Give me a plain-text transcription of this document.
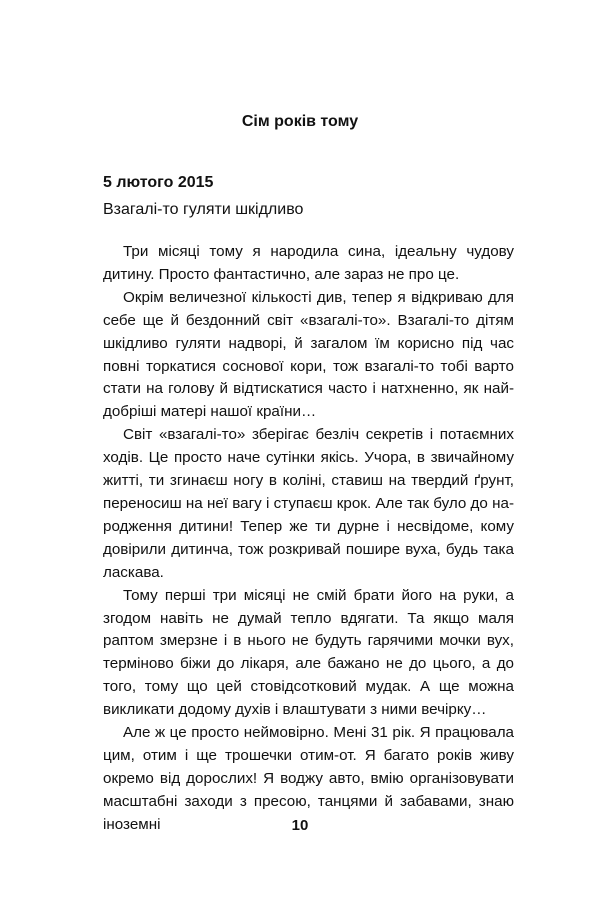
Сім років тому
5 лютого 2015
Взагалі-то гуляти шкідливо

Три місяці тому я народила сина, ідеальну чудову дитину. Просто фантастично, але зараз не про це.

Окрім величезної кількості див, тепер я відкриваю для себе ще й бездонний світ «взагалі-то». Взагалі-то дітям шкідливо гуляти надворі, й загалом їм корисно під час повні торкатися соснової кори, тож взагалі-то тобі варто стати на голову й відтискатися часто і натхненно, як найдобріші матері нашої країни…

Світ «взагалі-то» зберігає безліч секретів і потаємних ходів. Це просто наче сутінки якісь. Учора, в звичайному житті, ти згинаєш ногу в коліні, ставиш на твердий ґрунт, переносиш на неї вагу і ступаєш крок. Але так було до народження дитини! Тепер же ти дурне і несвідоме, кому довірили дитинча, тож розкривай пошире вуха, будь така ласкава.

Тому перші три місяці не смій брати його на руки, а згодом навіть не думай тепло вдягати. Та якщо маля раптом змерзне і в нього не будуть гарячими мочки вух, терміново біжи до лікаря, але бажано не до цього, а до того, тому що цей стовідсотковий мудак. А ще можна викликати додому духів і влаштувати з ними вечірку…

Але ж це просто неймовірно. Мені 31 рік. Я працювала цим, отим і ще трошечки отим-от. Я багато років живу окремо від дорослих! Я воджу авто, вмію організовувати масштабні заходи з пресою, танцями й забавами, знаю іноземні	10
